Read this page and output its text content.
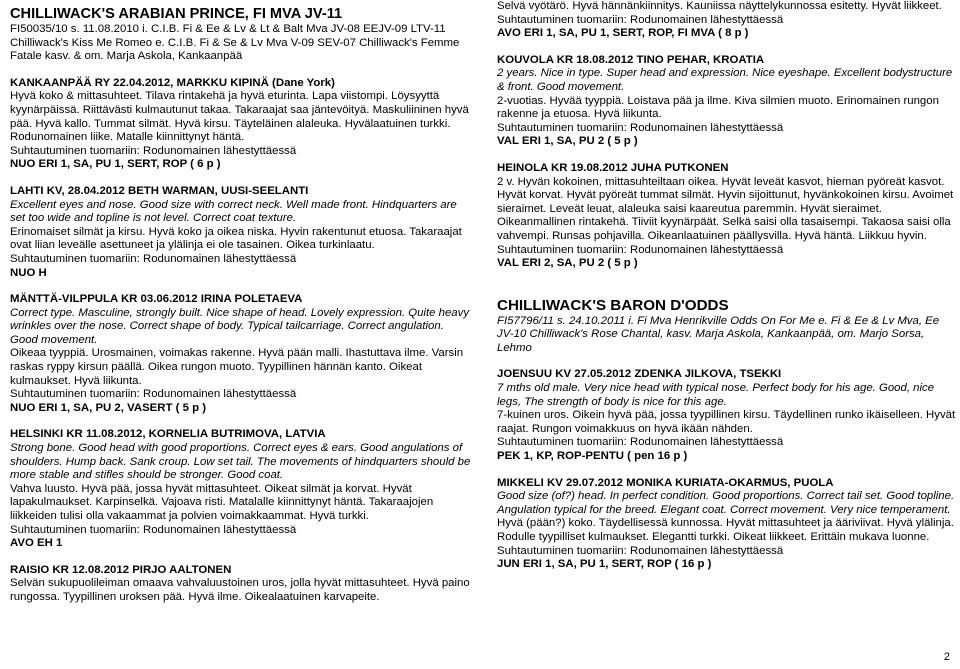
CHILLIWACK'S ARABIAN PRINCE, FI MVA JV-11

FI50035/10 s. 11.08.2010 i. C.I.B. Fi & Ee & Lv & Lt & Balt Mva JV-08 EEJV-09 LTV-11 Chilliwack's Kiss Me Romeo e. C.I.B. Fi & Se & Lv Mva V-09 SEV-07 Chilliwack's Femme Fatale kasv. & om. Marja Askola, Kankaanpää

KANKAANPÄÄ RY 22.04.2012, MARKKU KIPINÄ (Dane York)

Hyvä koko & mittasuhteet. Tilava rintakehä ja hyvä eturinta. Lapa viistompi. Löysyyttä kyynärpäissä. Riittävästi kulmautunut takaa. Takaraajat saa jäntevöityä. Maskuliininen hyvä pää. Hyvä kallo. Tummat silmät. Hyvä kirsu. Täyteläinen alaleuka. Hyvälaatuinen turkki. Rodunomainen liike. Matalle kiinnittynyt häntä.

Suhtautuminen tuomariin: Rodunomainen lähestyttäessä

NUO ERI 1, SA, PU 1, SERT, ROP ( 6 p )

LAHTI KV, 28.04.2012 BETH WARMAN, UUSI-SEELANTI

Excellent eyes and nose. Good size with correct neck. Well made front. Hindquarters are set too wide and topline is not level. Correct coat texture.

Erinomaiset silmät ja kirsu. Hyvä koko ja oikea niska. Hyvin rakentunut etuosa. Takaraajat ovat liian leveälle asettuneet ja ylälinja ei ole tasainen. Oikea turkinlaatu.

Suhtautuminen tuomariin: Rodunomainen lähestyttäessä

NUO H

MÄNTTÄ-VILPPULA KR 03.06.2012 IRINA POLETAEVA

Correct type. Masculine, strongly built. Nice shape of head. Lovely expression. Quite heavy wrinkles over the nose. Correct shape of body. Typical tailcarriage. Correct angulation. Good movement.

Oikeaa tyyppiä. Urosmainen, voimakas rakenne. Hyvä pään malli. Ihastuttava ilme. Varsin raskas ryppy kirsun päällä. Oikea rungon muoto. Tyypillinen hännän kanto. Oikeat kulmaukset. Hyvä liikunta.

Suhtautuminen tuomariin: Rodunomainen lähestyttäessä

NUO ERI 1, SA, PU 2, VASERT ( 5 p )

HELSINKI KR 11.08.2012, KORNELIA BUTRIMOVA, LATVIA

Strong bone. Good head with good proportions. Correct eyes & ears. Good angulations of shoulders. Hump back. Sank croup. Low set tail. The movements of hindquarters should be more stable and stifles should be stronger. Good coat.

Vahva luusto. Hyvä pää, jossa hyvät mittasuhteet. Oikeat silmät ja korvat. Hyvät lapakulmaukset. Karpinselkä. Vajoava risti. Matalalle kiinnittynyt häntä. Takaraajojen liikkeiden tulisi olla vakaammat ja polvien voimakkaammat. Hyvä turkki.

Suhtautuminen tuomariin: Rodunomainen lähestyttäessä

AVO EH 1

RAISIO KR 12.08.2012 PIRJO AALTONEN

Selvän sukupuolileiman omaava vahvaluustoinen uros, jolla hyvät mittasuhteet. Hyvä paino rungossa. Tyypillinen uroksen pää. Hyvä ilme. Oikealaatuinen karvapeite.

Selvä vyötärö. Hyvä hännänkiinnitys. Kauniissa näyttelykunnossa esitetty. Hyvät liikkeet.

Suhtautuminen tuomariin: Rodunomainen lähestyttäessä

AVO ERI 1, SA, PU 1, SERT, ROP, FI MVA ( 8 p )

KOUVOLA KR 18.08.2012 TINO PEHAR, KROATIA

2 years. Nice in type. Super head and expression. Nice eyeshape. Excellent bodystructure & front. Good movement.

2-vuotias. Hyvää tyyppiä. Loistava pää ja ilme. Kiva silmien muoto. Erinomainen rungon rakenne ja etuosa. Hyvä liikunta.

Suhtautuminen tuomariin: Rodunomainen lähestyttäessä

VAL ERI 1, SA, PU 2 ( 5 p )

HEINOLA KR 19.08.2012 JUHA PUTKONEN

2 v. Hyvän kokoinen, mittasuhteiltaan oikea. Hyvät leveät kasvot, hieman pyöreät kasvot. Hyvät korvat. Hyvät pyöreät tummat silmät. Hyvin sijoittunut, hyvänkokoinen kirsu. Avoimet sieraimet. Leveät leuat, alaleuka saisi kaareutua paremmin. Hyvät sieraimet. Oikeanmallinen rintakehä. Tiiviit kyynärpäät. Selkä saisi olla tasaisempi. Takaosa saisi olla vahvempi. Runsas pohjavilla. Oikeanlaatuinen päällysvilla. Hyvä häntä. Liikkuu hyvin.

Suhtautuminen tuomariin: Rodunomainen lähestyttäessä

VAL ERI 2, SA, PU 2 ( 5 p )

CHILLIWACK'S BARON D'ODDS

FI57796/11 s. 24.10.2011 i. Fi Mva Henrikville Odds On For Me e. Fi & Ee & Lv Mva, Ee JV-10 Chilliwack's Rose Chantal, kasv. Marja Askola, Kankaanpää, om. Marjo Sorsa, Lehmo

JOENSUU KV 27.05.2012 ZDENKA JILKOVA, TSEKKI

7 mths old male. Very nice head with typical nose. Perfect body for his age. Good, nice legs, The strength of body is nice for this age.

7-kuinen uros. Oikein hyvä pää, jossa tyypillinen kirsu. Täydellinen runko ikäiselleen. Hyvät raajat. Rungon voimakkuus on hyvä ikään nähden.

Suhtautuminen tuomariin: Rodunomainen lähestyttäessä

PEK 1, KP, ROP-PENTU ( pen 16 p )

MIKKELI KV 29.07.2012 MONIKA KURIATA-OKARMUS, PUOLA

Good size (of?) head. In perfect condition. Good proportions. Correct tail set. Good topline. Angulation typical for the breed. Elegant coat. Correct movement. Very nice temperament.

Hyvä (pään?) koko. Täydellisessä kunnossa. Hyvät mittasuhteet ja ääriviivat. Hyvä ylälinja. Rodulle tyypilliset kulmaukset. Elegantti turkki. Oikeat liikkeet. Erittäin mukava luonne.

Suhtautuminen tuomariin: Rodunomainen lähestyttäessä

JUN ERI 1, SA, PU 1, SERT, ROP ( 16 p )

2
